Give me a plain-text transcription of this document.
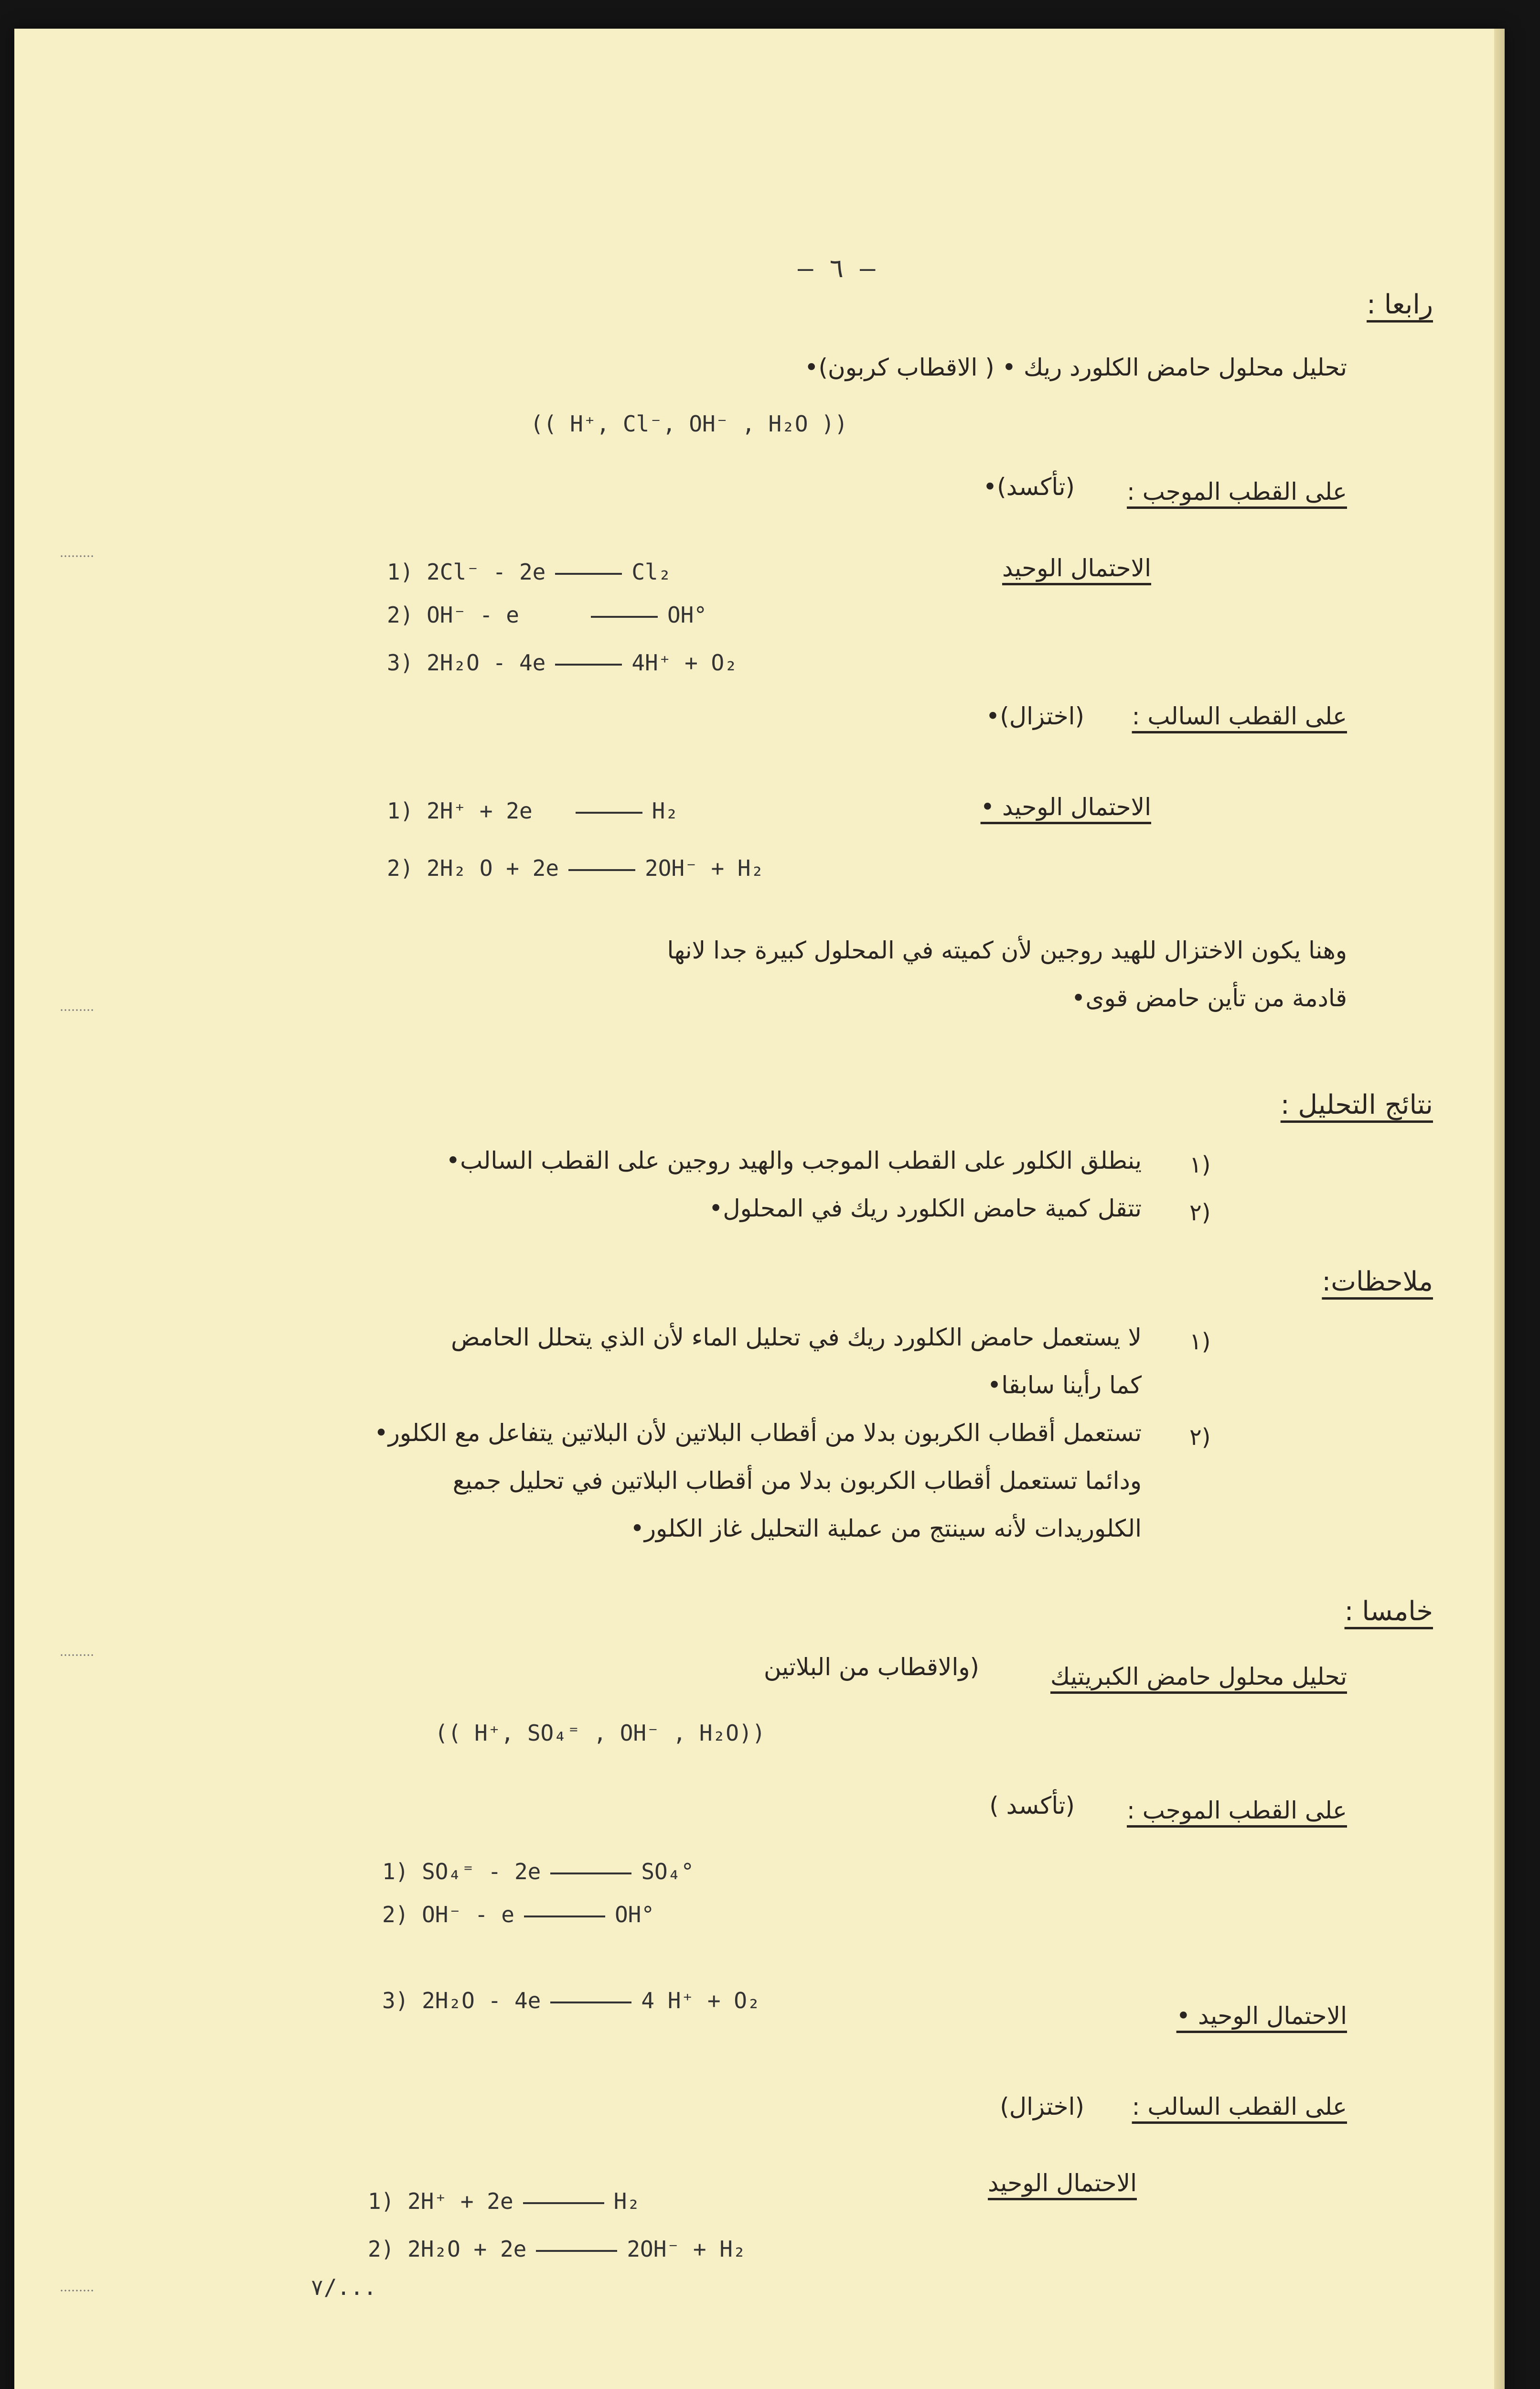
— ٦ —
رابعا :
تحليل محلول حامض الكلورد ريك • ( الاقطاب كربون)•
(( H⁺, Cl⁻, OH⁻ , H₂O ))
على القطب الموجب :
(تأكسد)•
الاحتمال الوحيد
1) 2Cl⁻ - 2e	Cl₂
2) OH⁻ - e	OH°
3) 2H₂O - 4e	4H⁺ + O₂
على القطب السالب :
(اختزال)•
الاحتمال الوحيد •
1) 2H⁺ + 2e	H₂
2) 2H₂ O + 2e	2OH⁻ + H₂
وهنا يكون الاختزال للهيد روجين لأن كميته في المحلول كبيرة جدا لانها
قادمة من تأين حامض قوى•
نتائج التحليل :
١)
ينطلق الكلور على القطب الموجب والهيد روجين على القطب السالب•
٢)
تتقل كمية حامض الكلورد ريك في المحلول•
ملاحظات:
١)
لا يستعمل حامض الكلورد ريك في تحليل الماء لأن الذي يتحلل الحامض
كما رأينا سابقا•
٢)
تستعمل أقطاب الكربون بدلا من أقطاب البلاتين لأن البلاتين يتفاعل مع الكلور•
ودائما تستعمل أقطاب الكربون بدلا من أقطاب البلاتين في تحليل جميع
الكلوريدات لأنه سينتج من عملية التحليل غاز الكلور•
خامسا :
تحليل محلول حامض الكبريتيك
(والاقطاب من البلاتين
(( H⁺, SO₄⁼ , OH⁻ , H₂O))
على القطب الموجب :
(تأكسد )
1) SO₄⁼ - 2e	SO₄°
2) OH⁻ - e	OH°
3) 2H₂O - 4e	4 H⁺ + O₂
الاحتمال الوحيد •
على القطب السالب :
(اختزال)
الاحتمال الوحيد
1) 2H⁺ + 2e	H₂
2) 2H₂O + 2e	2OH⁻ + H₂
٧/...
